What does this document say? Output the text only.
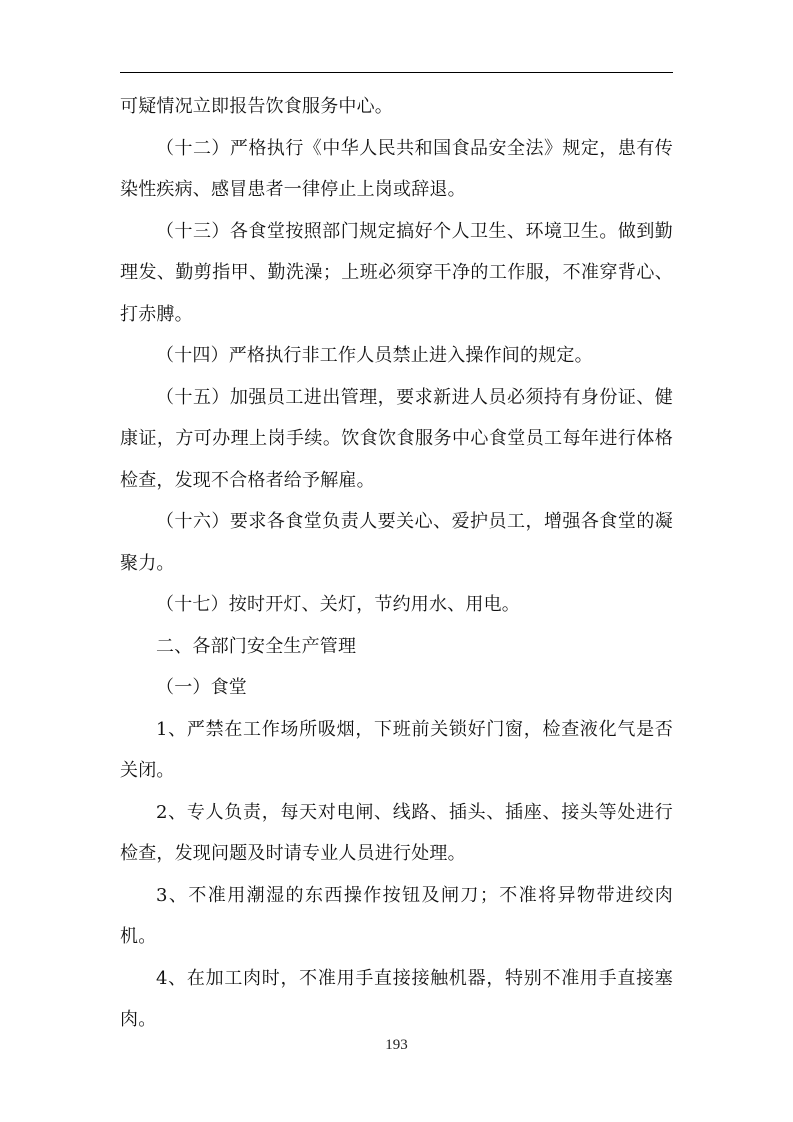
可疑情况立即报告饮食服务中心。

（十二）严格执行《中华人民共和国食品安全法》规定，患有传染性疾病、感冒患者一律停止上岗或辞退。

（十三）各食堂按照部门规定搞好个人卫生、环境卫生。做到勤理发、勤剪指甲、勤洗澡；上班必须穿干净的工作服，不准穿背心、打赤膊。

（十四）严格执行非工作人员禁止进入操作间的规定。

（十五）加强员工进出管理，要求新进人员必须持有身份证、健康证，方可办理上岗手续。饮食饮食服务中心食堂员工每年进行体格检查，发现不合格者给予解雇。

（十六）要求各食堂负责人要关心、爱护员工，增强各食堂的凝聚力。

（十七）按时开灯、关灯，节约用水、用电。

二、各部门安全生产管理

（一）食堂

1、严禁在工作场所吸烟，下班前关锁好门窗，检查液化气是否关闭。

2、专人负责，每天对电闸、线路、插头、插座、接头等处进行检查，发现问题及时请专业人员进行处理。

3、不准用潮湿的东西操作按钮及闸刀；不准将异物带进绞肉机。

4、在加工肉时，不准用手直接接触机器，特别不准用手直接塞肉。

193
